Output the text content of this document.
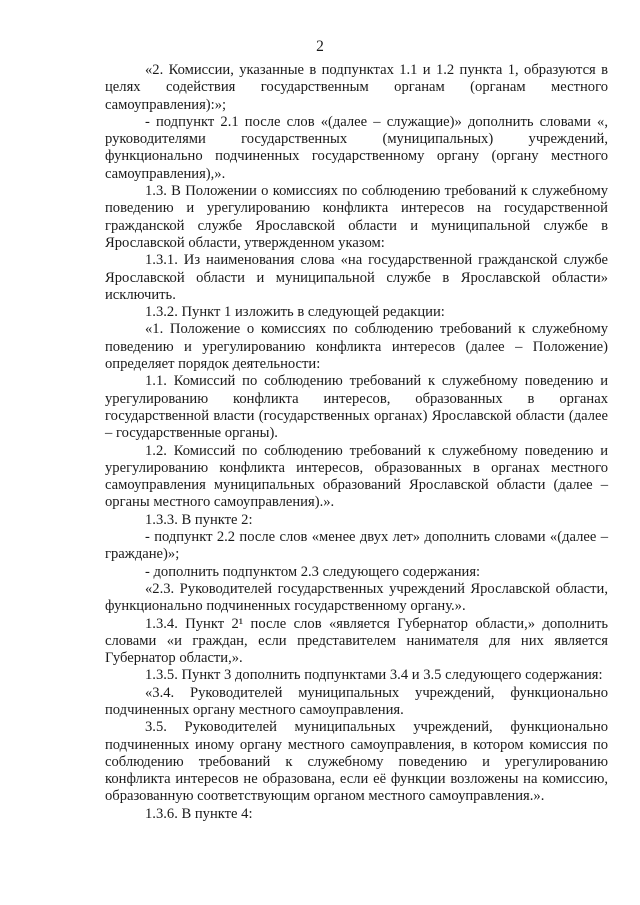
2

«2. Комиссии, указанные в подпунктах 1.1 и 1.2 пункта 1, образуются в целях содействия государственным органам (органам местного самоуправления):»;

- подпункт 2.1 после слов «(далее – служащие)» дополнить словами «, руководителями государственных (муниципальных) учреждений, функционально подчиненных государственному органу (органу местного самоуправления),».

1.3. В Положении о комиссиях по соблюдению требований к служебному поведению и урегулированию конфликта интересов на государственной гражданской службе Ярославской области и муниципальной службе в Ярославской области, утвержденном указом:

1.3.1. Из наименования слова «на государственной гражданской службе Ярославской области и муниципальной службе в Ярославской области» исключить.

1.3.2. Пункт 1 изложить в следующей редакции:

«1. Положение о комиссиях по соблюдению требований к служебному поведению и урегулированию конфликта интересов (далее – Положение) определяет порядок деятельности:

1.1. Комиссий по соблюдению требований к служебному поведению и урегулированию конфликта интересов, образованных в органах государственной власти (государственных органах) Ярославской области (далее – государственные органы).

1.2. Комиссий по соблюдению требований к служебному поведению и урегулированию конфликта интересов, образованных в органах местного самоуправления муниципальных образований Ярославской области (далее – органы местного самоуправления).».

1.3.3. В пункте 2:

- подпункт 2.2 после слов «менее двух лет» дополнить словами «(далее – граждане)»;

- дополнить подпунктом 2.3 следующего содержания:

«2.3. Руководителей государственных учреждений Ярославской области, функционально подчиненных государственному органу.».

1.3.4. Пункт 2¹ после слов «является Губернатор области,» дополнить словами «и граждан, если представителем нанимателя для них является Губернатор области,».

1.3.5. Пункт 3 дополнить подпунктами 3.4 и 3.5 следующего содержания:

«3.4. Руководителей муниципальных учреждений, функционально подчиненных органу местного самоуправления.

3.5. Руководителей муниципальных учреждений, функционально подчиненных иному органу местного самоуправления, в котором комиссия по соблюдению требований к служебному поведению и урегулированию конфликта интересов не образована, если её функции возложены на комиссию, образованную соответствующим органом местного самоуправления.».

1.3.6. В пункте 4:
